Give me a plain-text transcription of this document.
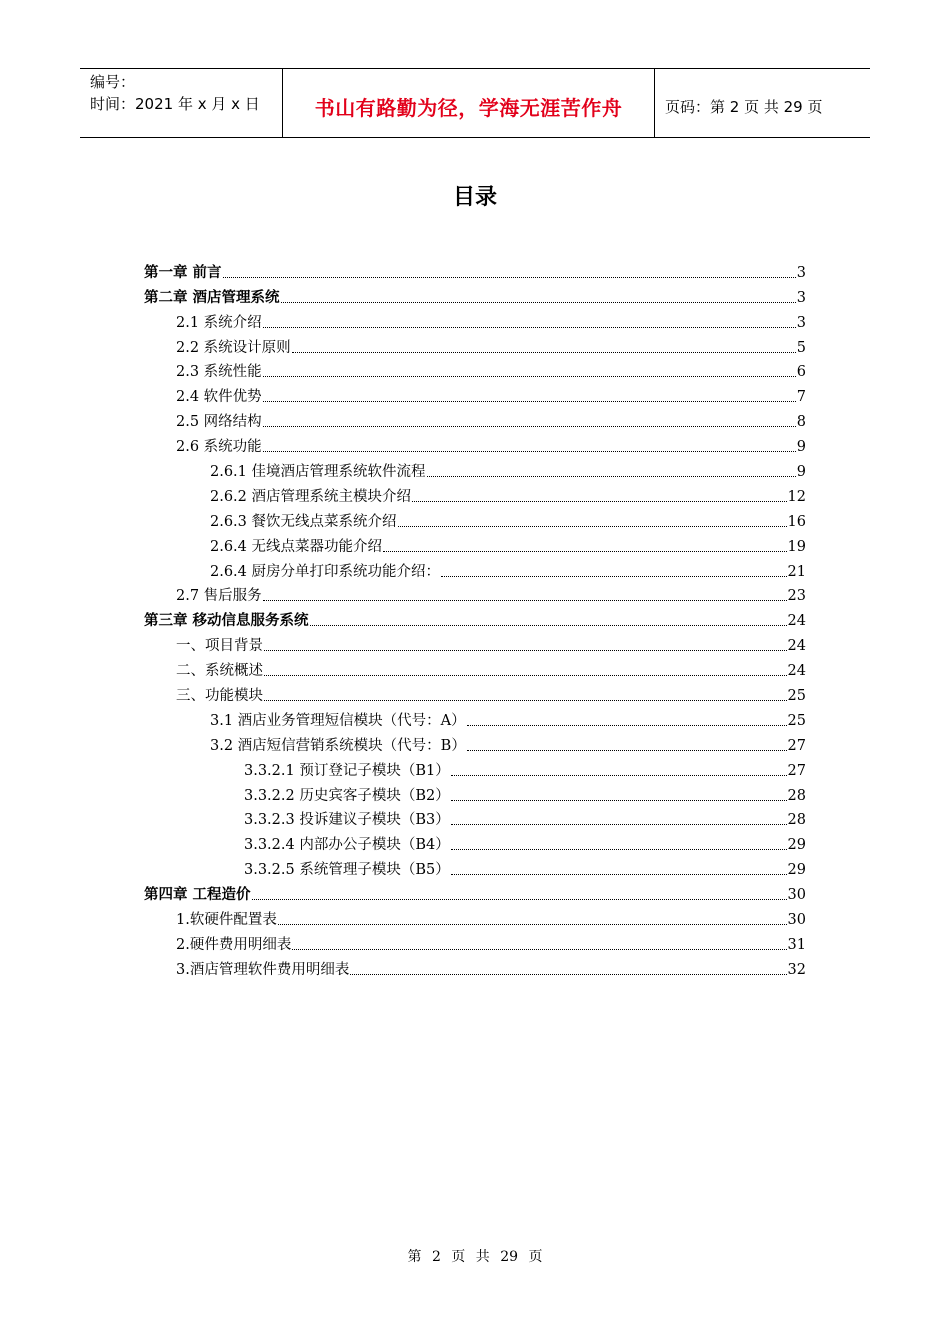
编号：
时间：2021 年 x 月 x 日	书山有路勤为径，学海无涯苦作舟	页码：第 2 页 共 29 页
目录
第一章 前言	3
第二章 酒店管理系统	3
2.1 系统介绍	3
2.2 系统设计原则	5
2.3 系统性能	6
2.4 软件优势	7
2.5 网络结构	8
2.6 系统功能	9
2.6.1 佳境酒店管理系统软件流程	9
2.6.2 酒店管理系统主模块介绍	12
2.6.3 餐饮无线点菜系统介绍	16
2.6.4 无线点菜器功能介绍	19
2.6.4 厨房分单打印系统功能介绍：	21
2.7 售后服务	23
第三章 移动信息服务系统	24
一、项目背景	24
二、系统概述	24
三、功能模块	25
3.1 酒店业务管理短信模块（代号：A）	25
3.2 酒店短信营销系统模块（代号：B）	27
3.3.2.1 预订登记子模块（B1）	27
3.3.2.2 历史宾客子模块（B2）	28
3.3.2.3 投诉建议子模块（B3）	28
3.3.2.4 内部办公子模块（B4）	29
3.3.2.5 系统管理子模块（B5）	29
第四章 工程造价	30
1.软硬件配置表	30
2.硬件费用明细表	31
3.酒店管理软件费用明细表	32
第 2 页 共 29 页
